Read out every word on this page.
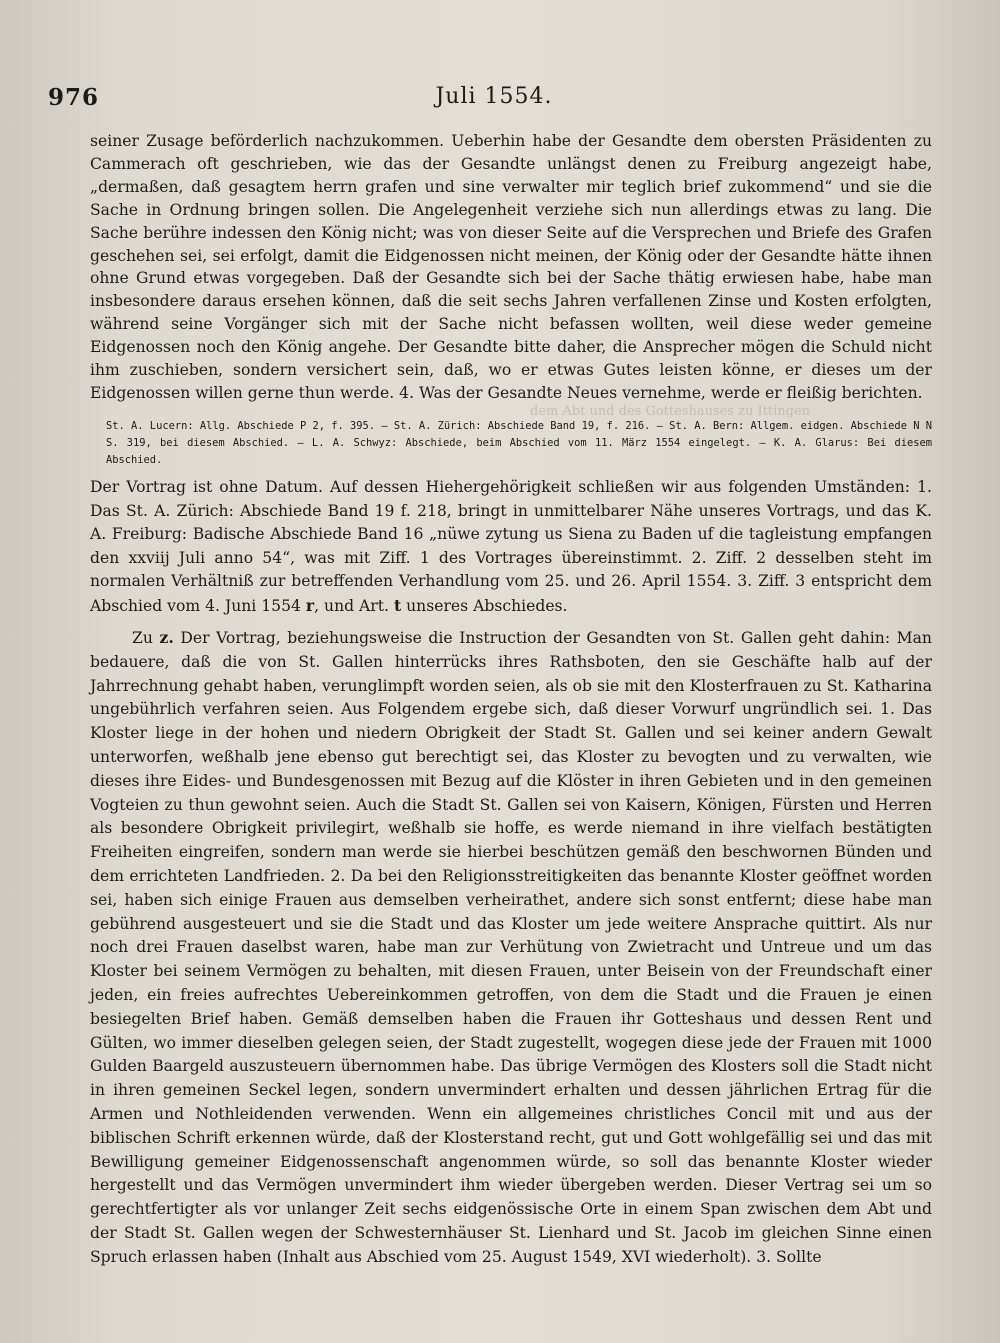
976	Juli 1554.

seiner Zusage beförderlich nachzukommen. Ueberhin habe der Gesandte dem obersten Präsidenten zu Cammerach oft geschrieben, wie das der Gesandte unlängst denen zu Freiburg angezeigt habe, „dermaßen, daß gesagtem herrn grafen und sine verwalter mir teglich brief zukommend“ und sie die Sache in Ordnung bringen sollen. Die Angelegenheit verziehe sich nun allerdings etwas zu lang. Die Sache berühre indessen den König nicht; was von dieser Seite auf die Versprechen und Briefe des Grafen geschehen sei, sei erfolgt, damit die Eidgenossen nicht meinen, der König oder der Gesandte hätte ihnen ohne Grund etwas vorgegeben. Daß der Gesandte sich bei der Sache thätig erwiesen habe, habe man insbesondere daraus ersehen können, daß die seit sechs Jahren verfallenen Zinse und Kosten erfolgten, während seine Vorgänger sich mit der Sache nicht befassen wollten, weil diese weder gemeine Eidgenossen noch den König angehe. Der Gesandte bitte daher, die Ansprecher mögen die Schuld nicht ihm zuschieben, sondern versichert sein, daß, wo er etwas Gutes leisten könne, er dieses um der Eidgenossen willen gerne thun werde. 4. Was der Gesandte Neues vernehme, werde er fleißig berichten.

dem Abt und des Gotteshauses zu Ittingen

St. A. Lucern: Allg. Abschiede P 2, f. 395. — St. A. Zürich: Abschiede Band 19, f. 216. — St. A. Bern: Allgem. eidgen. Abschiede N N S. 319, bei diesem Abschied. — L. A. Schwyz: Abschiede, beim Abschied vom 11. März 1554 eingelegt. — K. A. Glarus: Bei diesem Abschied.

Der Vortrag ist ohne Datum. Auf dessen Hiehergehörigkeit schließen wir aus folgenden Umständen: 1. Das St. A. Zürich: Abschiede Band 19 f. 218, bringt in unmittelbarer Nähe unseres Vortrags, und das K. A. Freiburg: Badische Abschiede Band 16 „nüwe zytung us Siena zu Baden uf die tagleistung empfangen den xxviij Juli anno 54“, was mit Ziff. 1 des Vortrages übereinstimmt. 2. Ziff. 2 desselben steht im normalen Verhältniß zur betreffenden Verhandlung vom 25. und 26. April 1554. 3. Ziff. 3 entspricht dem Abschied vom 4. Juni 1554 r, und Art. t unseres Abschiedes.

Zu z. Der Vortrag, beziehungsweise die Instruction der Gesandten von St. Gallen geht dahin: Man bedauere, daß die von St. Gallen hinterrücks ihres Rathsboten, den sie Geschäfte halb auf der Jahrrechnung gehabt haben, verunglimpft worden seien, als ob sie mit den Klosterfrauen zu St. Katharina ungebührlich verfahren seien. Aus Folgendem ergebe sich, daß dieser Vorwurf ungründlich sei. 1. Das Kloster liege in der hohen und niedern Obrigkeit der Stadt St. Gallen und sei keiner andern Gewalt unterworfen, weßhalb jene ebenso gut berechtigt sei, das Kloster zu bevogten und zu verwalten, wie dieses ihre Eides- und Bundesgenossen mit Bezug auf die Klöster in ihren Gebieten und in den gemeinen Vogteien zu thun gewohnt seien. Auch die Stadt St. Gallen sei von Kaisern, Königen, Fürsten und Herren als besondere Obrigkeit privilegirt, weßhalb sie hoffe, es werde niemand in ihre vielfach bestätigten Freiheiten eingreifen, sondern man werde sie hierbei beschützen gemäß den beschwornen Bünden und dem errichteten Landfrieden. 2. Da bei den Religionsstreitigkeiten das benannte Kloster geöffnet worden sei, haben sich einige Frauen aus demselben verheirathet, andere sich sonst entfernt; diese habe man gebührend ausgesteuert und sie die Stadt und das Kloster um jede weitere Ansprache quittirt. Als nur noch drei Frauen daselbst waren, habe man zur Verhütung von Zwietracht und Untreue und um das Kloster bei seinem Vermögen zu behalten, mit diesen Frauen, unter Beisein von der Freundschaft einer jeden, ein freies aufrechtes Uebereinkommen getroffen, von dem die Stadt und die Frauen je einen besiegelten Brief haben. Gemäß demselben haben die Frauen ihr Gotteshaus und dessen Rent und Gülten, wo immer dieselben gelegen seien, der Stadt zugestellt, wogegen diese jede der Frauen mit 1000 Gulden Baargeld auszusteuern übernommen habe. Das übrige Vermögen des Klosters soll die Stadt nicht in ihren gemeinen Seckel legen, sondern unvermindert erhalten und dessen jährlichen Ertrag für die Armen und Nothleidenden verwenden. Wenn ein allgemeines christliches Concil mit und aus der biblischen Schrift erkennen würde, daß der Klosterstand recht, gut und Gott wohlgefällig sei und das mit Bewilligung gemeiner Eidgenossenschaft angenommen würde, so soll das benannte Kloster wieder hergestellt und das Vermögen unvermindert ihm wieder übergeben werden. Dieser Vertrag sei um so gerechtfertigter als vor unlanger Zeit sechs eidgenössische Orte in einem Span zwischen dem Abt und der Stadt St. Gallen wegen der Schwesternhäuser St. Lienhard und St. Jacob im gleichen Sinne einen Spruch erlassen haben (Inhalt aus Abschied vom 25. August 1549, XVI wiederholt). 3. Sollte
